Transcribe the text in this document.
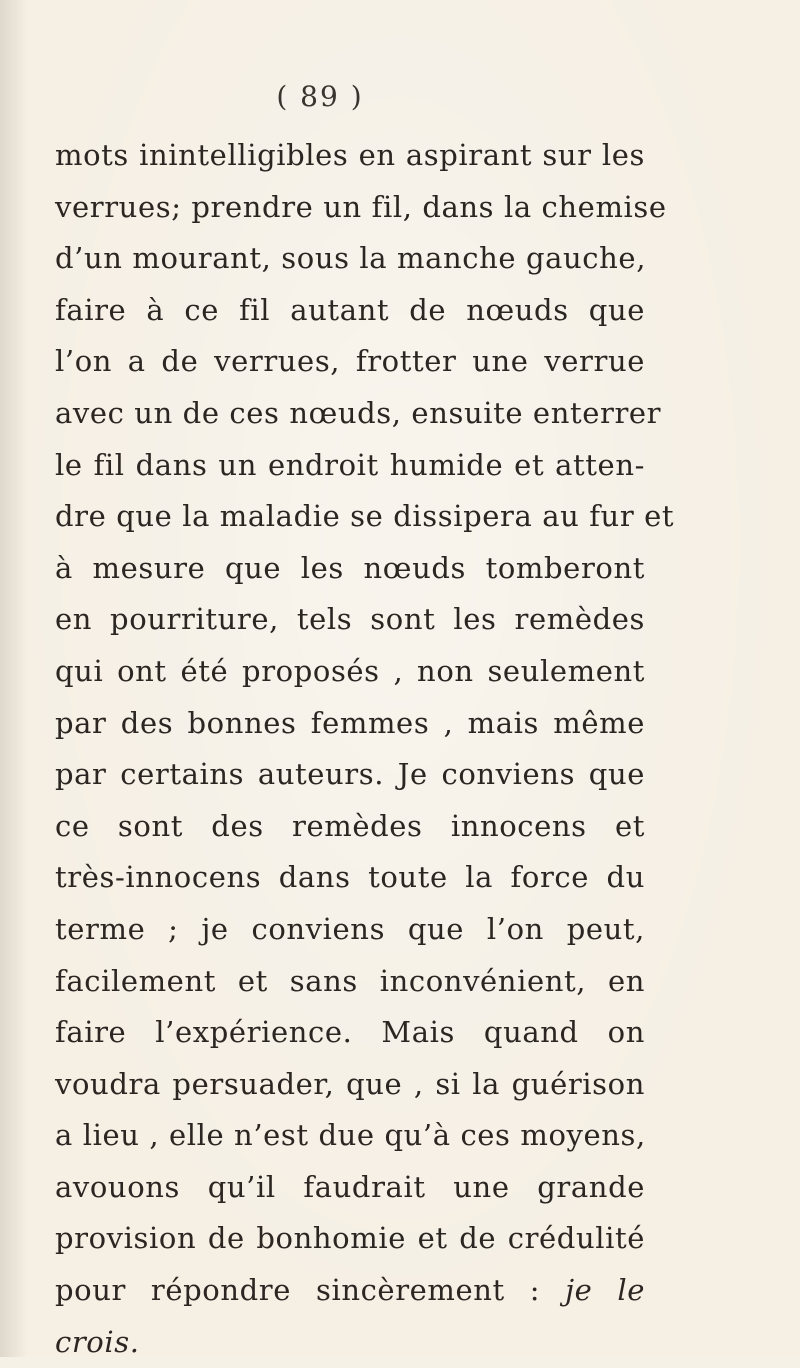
( 89 )
mots inintelligibles en aspirant sur les
verrues; prendre un fil, dans la chemise
d’un mourant, sous la manche gauche,
faire à ce fil autant de nœuds que
l’on a de verrues, frotter une verrue
avec un de ces nœuds, ensuite enterrer
le fil dans un endroit humide et atten-
dre que la maladie se dissipera au fur et
à mesure que les nœuds tomberont
en pourriture, tels sont les remèdes
qui ont été proposés , non seulement
par des bonnes femmes , mais même
par certains auteurs. Je conviens que
ce sont des remèdes innocens et
très-innocens dans toute la force du
terme ; je conviens que l’on peut,
facilement et sans inconvénient, en
faire l’expérience. Mais quand on
voudra persuader, que , si la guérison
a lieu , elle n’est due qu’à ces moyens,
avouons qu’il faudrait une grande
provision de bonhomie et de crédulité
pour répondre sincèrement : je le
crois.
